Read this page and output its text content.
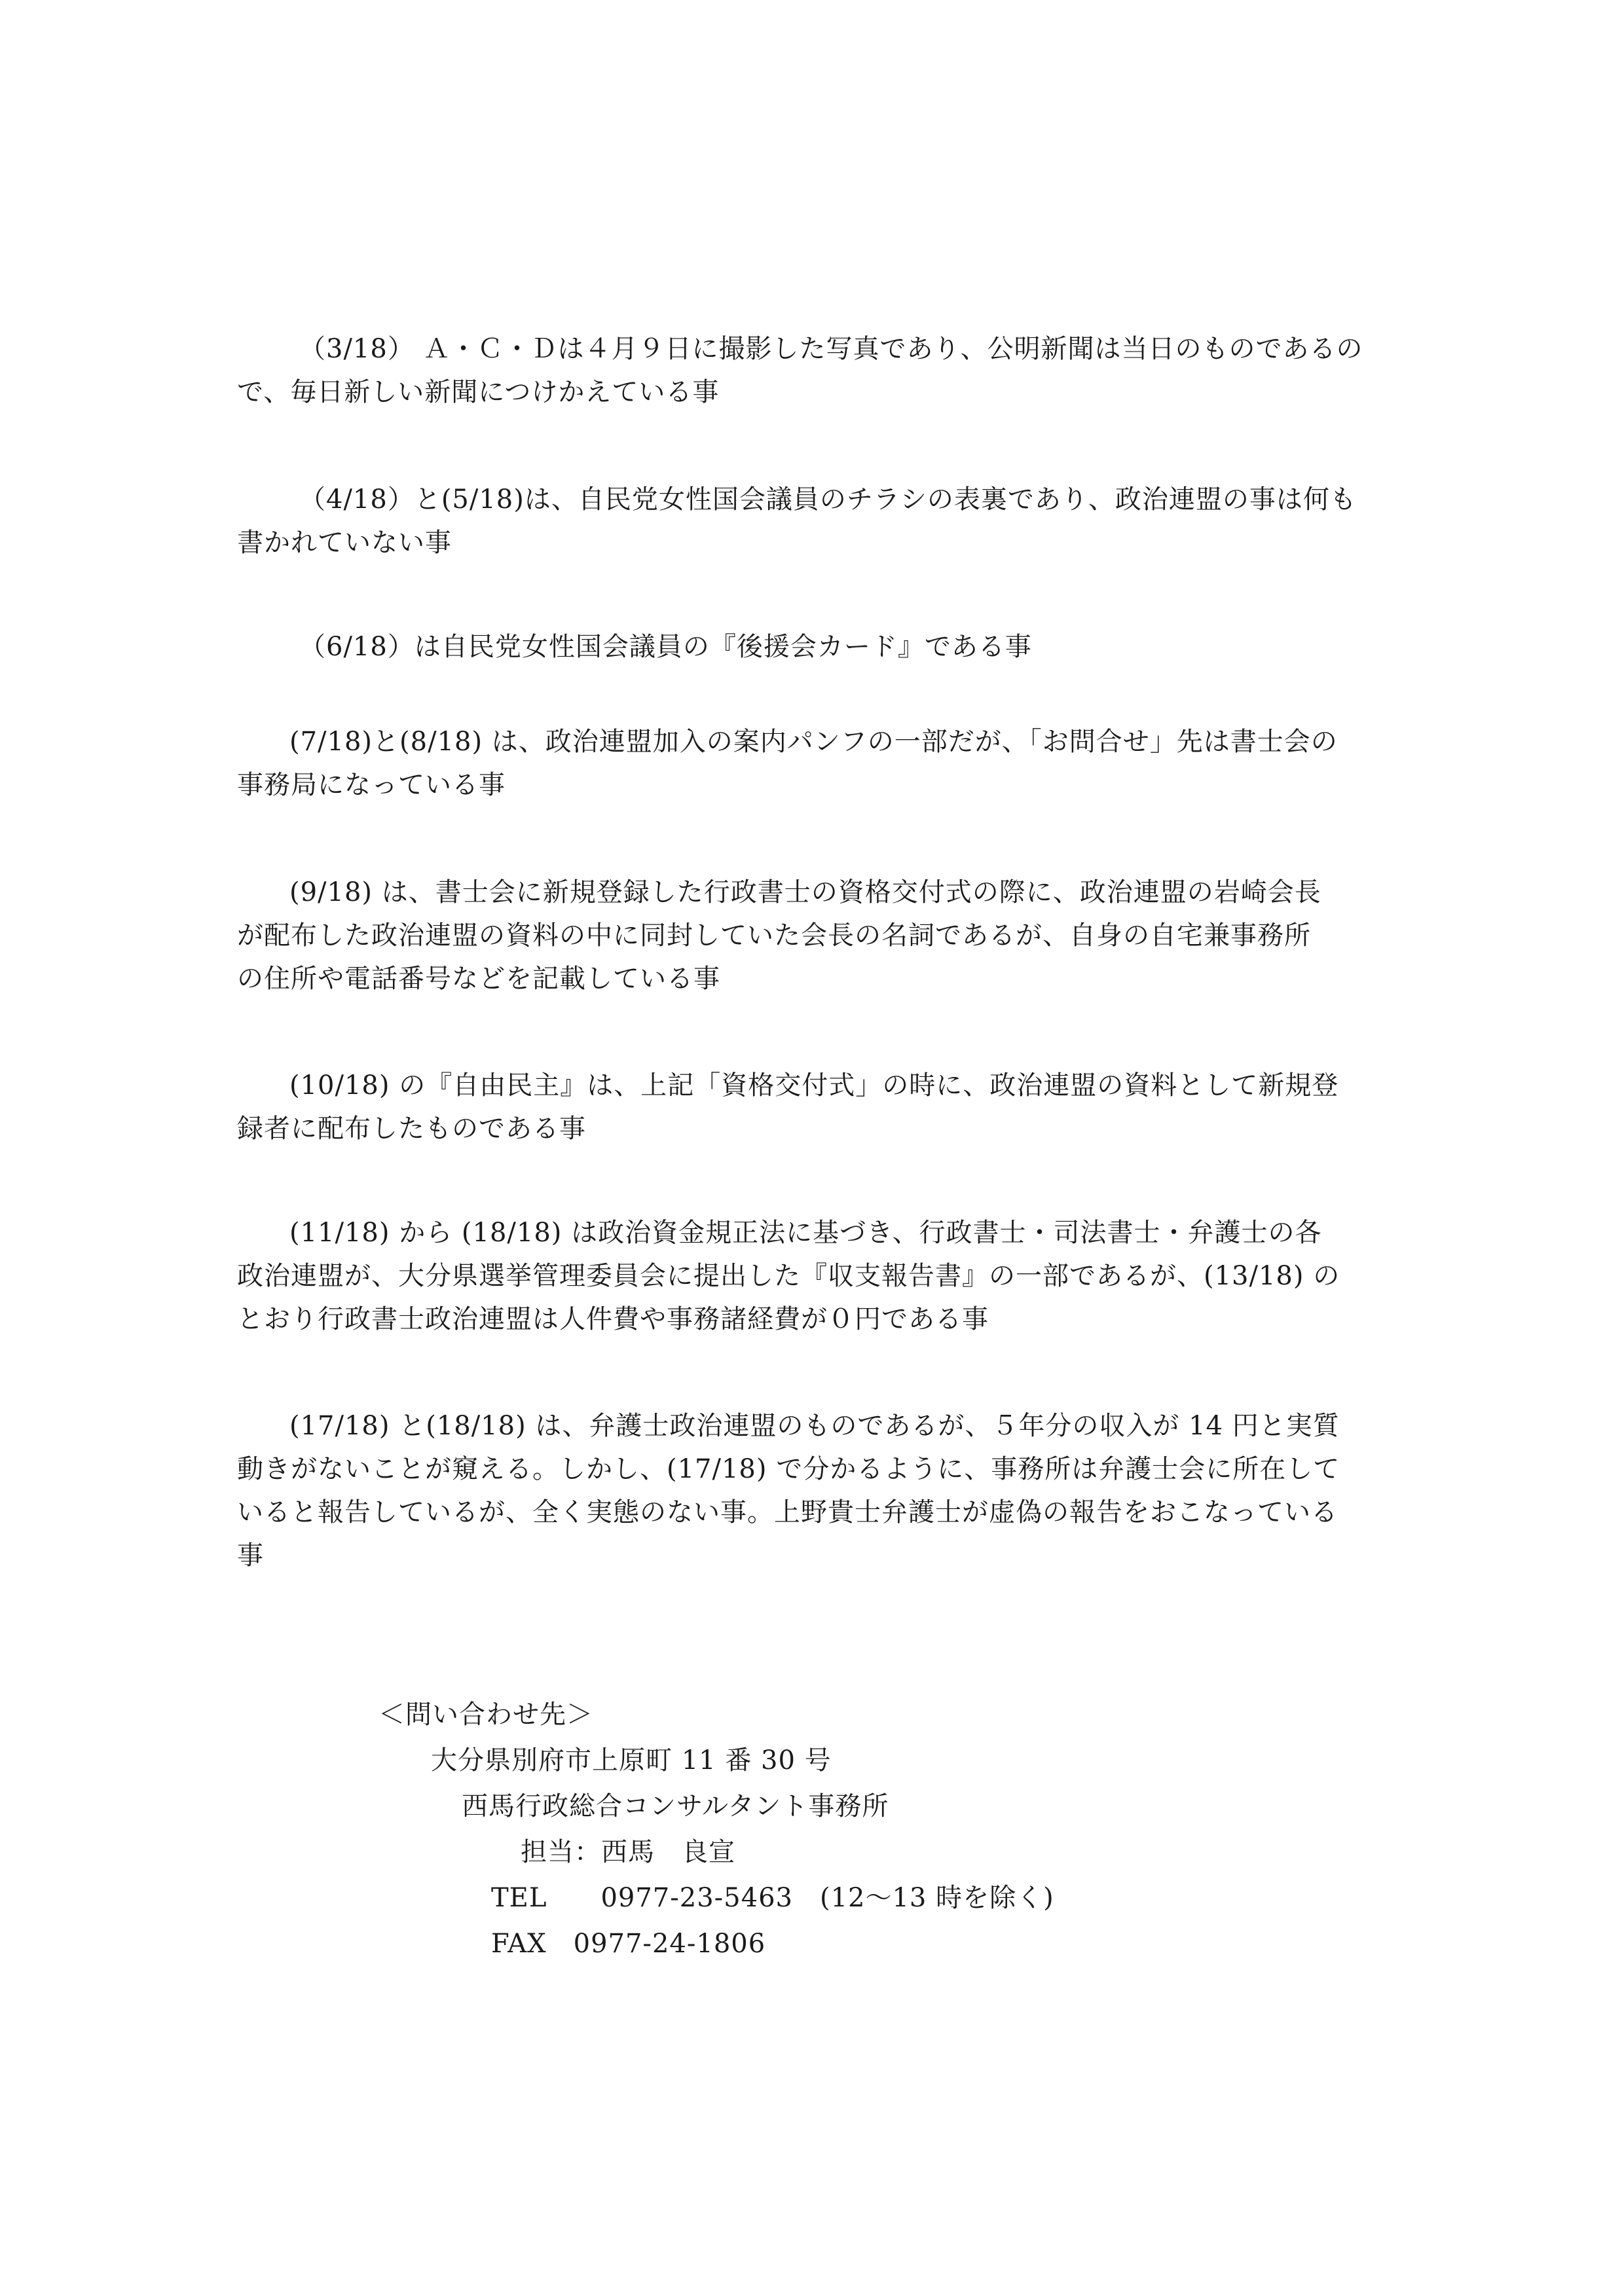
（3/18） Ａ・Ｃ・Ｄは４月９日に撮影した写真であり、公明新聞は当日のものであるの
で、毎日新しい新聞につけかえている事

（4/18）と(5/18)は、自民党女性国会議員のチラシの表裏であり、政治連盟の事は何も
書かれていない事

（6/18）は自民党女性国会議員の『後援会カード』である事

(7/18)と(8/18) は、政治連盟加入の案内パンフの一部だが、「お問合せ」先は書士会の
事務局になっている事

(9/18) は、書士会に新規登録した行政書士の資格交付式の際に、政治連盟の岩崎会長
が配布した政治連盟の資料の中に同封していた会長の名詞であるが、自身の自宅兼事務所
の住所や電話番号などを記載している事

(10/18) の『自由民主』は、上記「資格交付式」の時に、政治連盟の資料として新規登
録者に配布したものである事

(11/18) から (18/18) は政治資金規正法に基づき、行政書士・司法書士・弁護士の各
政治連盟が、大分県選挙管理委員会に提出した『収支報告書』の一部であるが、(13/18) の
とおり行政書士政治連盟は人件費や事務諸経費が０円である事

(17/18) と(18/18) は、弁護士政治連盟のものであるが、５年分の収入が 14 円と実質
動きがないことが窺える。しかし、(17/18) で分かるように、事務所は弁護士会に所在して
いると報告しているが、全く実態のない事。上野貴士弁護士が虚偽の報告をおこなっている
事

＜問い合わせ先＞
大分県別府市上原町 11 番 30 号
西馬行政総合コンサルタント事務所
担当：西馬　良宣
TEL　　0977-23-5463　(12～13 時を除く)
FAX　0977-24-1806
